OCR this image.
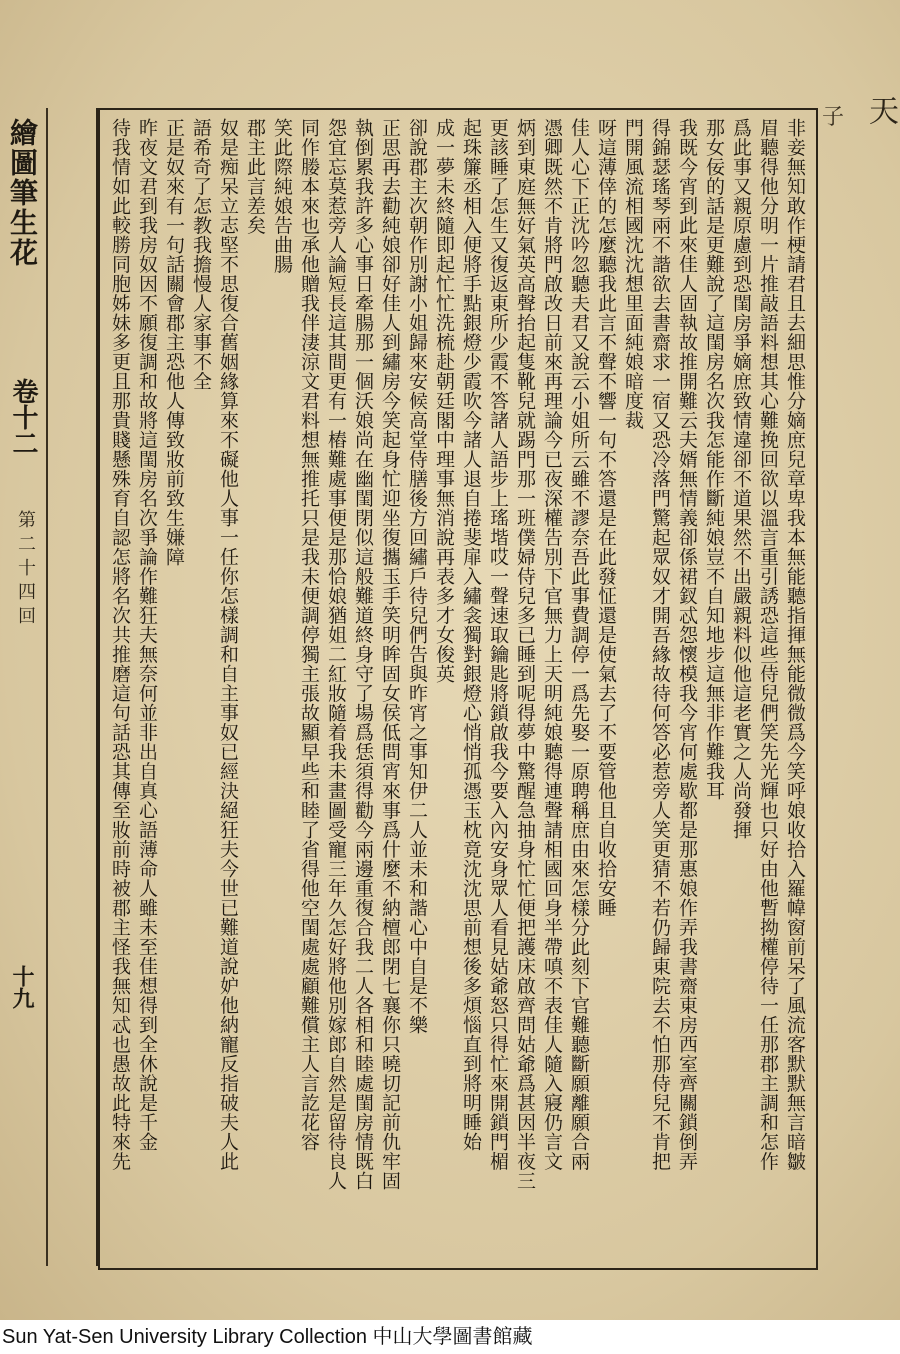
繪圖筆生花
卷十二
第二十四回
十九
子 天

非妾無知敢作梗請君且去細思惟分嫡庶兒章卑我本無能聽指揮無能微微爲今笑呼娘收拾入羅幃窗前呆了風流客默默無言暗皺

眉聽得他分明一片推敲語料想其心難挽回欲以溫言重引誘恐這些侍兒們笑先光輝也只好由他暫拗權停待一任那郡主調和怎作

爲此事又親原慮到恐閨房爭嫡庶致情違卻不道果然不出嚴親料似他這老實之人尚發揮

那女佞的話是更難說了這閨房名次我怎能作斷純娘豈不自知地步這無非作難我耳

我既今宵到此來佳人固執故推開難云夫婿無情義卻係裙釵忒怨懷模我今宵何處歇都是那惠娘作弄我書齋東房西室齊關鎖倒弄

得錦瑟瑤琴兩不諧欲去書齋求一宿又恐冷落門驚起眾奴才開吾緣故待何答必惹旁人笑更猜不若仍歸東院去不怕那侍兒不肯把

門開風流相國沈沈想里面純娘暗度裁

呀這薄倖的怎麼聽我此言不聲不響一句不答還是在此發怔還是使氣去了不要管他且自收拾安睡

佳人心下正沈吟忽聽夫君又說云小姐所云雖不謬奈吾此事費調停一爲先娶一原聘稱庶由來怎樣分此刻下官難聽斷願離願合兩

憑卿既然不肯將門啟改日前來再理論今已夜深權告別下官無力上天明純娘聽得連聲請相國回身半帶嗔不表佳人隨入寢仍言文

炳到東庭無好氣英高聲抬起隻靴兒就踢門那一班僕婦侍兒多已睡到呢得夢中驚醒急抽身忙忙便把護床啟齊問姑爺爲甚因半夜三

更該睡了怎生又復返東所少霞不答諸人語步上瑤堦哎一聲速取鑰匙將鎖啟我今要入內安身眾人看見姑爺怒只得忙來開鎖門楣

起珠簾丞相入便將手點銀燈少霞吹今諸人退自捲斐扉入繡衾獨對銀燈心悄悄孤憑玉枕竟沈沈思前想後多煩惱直到將明睡始

成一夢未終隨即起忙忙洗梳赴朝廷閣中理事無消說再表多才女俊英

卻說郡主次朝作別謝小姐歸來安候高堂侍膳後方回繡戶待兒們告與昨宵之事知伊二人並未和諧心中自是不樂

正思再去勸純娘卻好佳人到繡房今笑起身忙迎坐復攜玉手笑明眸固女侯低問宵來事爲什麼不納檀郎閉七襄你只曉切記前仇牢固

執倒累我許多心事日牽腸那一個沃娘尚在幽閨閉似這般難道終身守了場爲恁須得勸今兩邊重復合我二人各相和睦處閨房情既白

怨宜忘莫惹旁人論短長這其間更有一樁難處事便是那恰娘猶姐二紅妝隨着我未畫圖受寵三年久怎好將他別嫁郎自然是留待良人

同作媵本來也承他贈我伴淒涼文君料想無推托只是我未便調停獨主張故顯早些和睦了省得他空閨處處顧難償主人言訖花容

笑此際純娘告曲腸

郡主此言差矣

奴是痴呆立志堅不思復合舊姻緣算來不礙他人事一任你怎樣調和自主事奴已經決絕狂夫今世已難道說妒他納寵反指破夫人此

語希奇了怎教我擔慢人家事不全

正是奴來有一句話關會郡主恐他人傳致妝前致生嫌障

昨夜文君到我房奴因不願復調和故將這閨房名次爭論作難狂夫無奈何並非出自真心語薄命人雖未至佳想得到全休說是千金

待我情如此較勝同胞姊妹多更且那貴賤懸殊育自認怎將名次共推磨這句話恐其傳至妝前時被郡主怪我無知忒也愚故此特來先

Sun Yat-Sen University Library Collection 中山大學圖書館藏
